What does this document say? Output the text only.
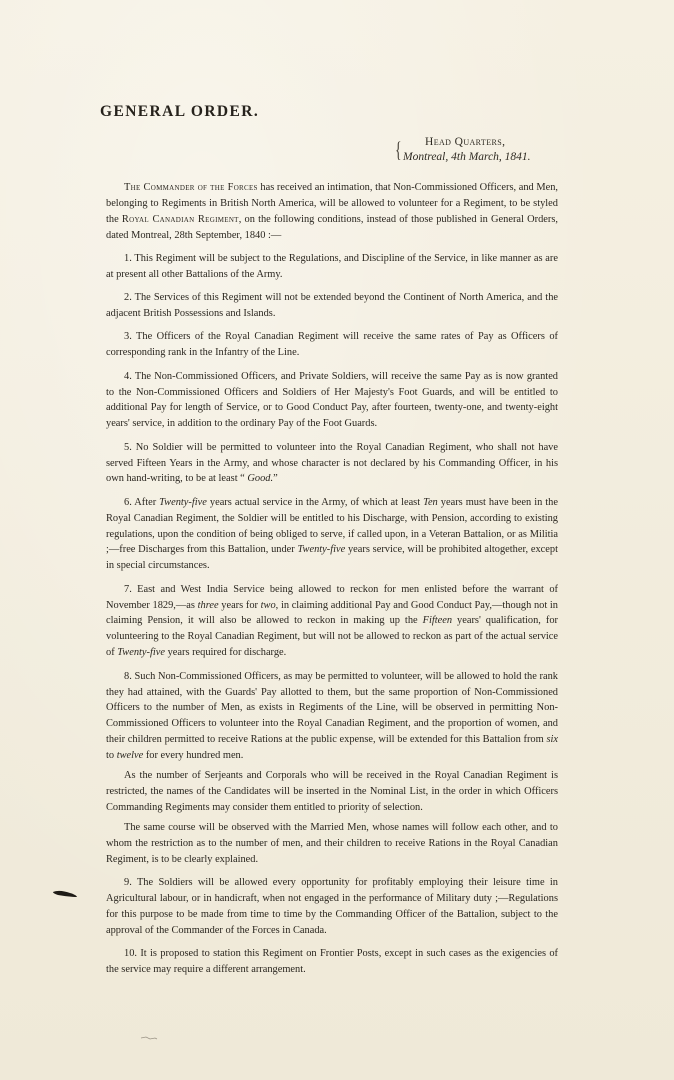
GENERAL ORDER.
{ Head Quarters,
Montreal, 4th March, 1841.

The Commander of the Forces has received an intimation, that Non-Commissioned Officers, and Men, belonging to Regiments in British North America, will be allowed to volunteer for a Regiment, to be styled the Royal Canadian Regiment, on the following conditions, instead of those published in General Orders, dated Montreal, 28th September, 1840 :—

1. This Regiment will be subject to the Regulations, and Discipline of the Service, in like manner as are at present all other Battalions of the Army.

2. The Services of this Regiment will not be extended beyond the Continent of North America, and the adjacent British Possessions and Islands.

3. The Officers of the Royal Canadian Regiment will receive the same rates of Pay as Officers of corresponding rank in the Infantry of the Line.

4. The Non-Commissioned Officers, and Private Soldiers, will receive the same Pay as is now granted to the Non-Commissioned Officers and Soldiers of Her Majesty's Foot Guards, and will be entitled to additional Pay for length of Service, or to Good Conduct Pay, after fourteen, twenty-one, and twenty-eight years' service, in addition to the ordinary Pay of the Foot Guards.

5. No Soldier will be permitted to volunteer into the Royal Canadian Regiment, who shall not have served Fifteen Years in the Army, and whose character is not declared by his Commanding Officer, in his own hand-writing, to be at least “ Good.”

6. After Twenty-five years actual service in the Army, of which at least Ten years must have been in the Royal Canadian Regiment, the Soldier will be entitled to his Discharge, with Pension, according to existing regulations, upon the condition of being obliged to serve, if called upon, in a Veteran Battalion, or as Militia ;—free Discharges from this Battalion, under Twenty-five years service, will be prohibited altogether, except in special circumstances.

7. East and West India Service being allowed to reckon for men enlisted before the warrant of November 1829,—as three years for two, in claiming additional Pay and Good Conduct Pay,—though not in claiming Pension, it will also be allowed to reckon in making up the Fifteen years' qualification, for volunteering to the Royal Canadian Regiment, but will not be allowed to reckon as part of the actual service of Twenty-five years required for discharge.

8. Such Non-Commissioned Officers, as may be permitted to volunteer, will be allowed to hold the rank they had attained, with the Guards' Pay allotted to them, but the same proportion of Non-Commissioned Officers to the number of Men, as exists in Regiments of the Line, will be observed in permitting Non-Commissioned Officers to volunteer into the Royal Canadian Regiment, and the proportion of women, and their children permitted to receive Rations at the public expense, will be extended for this Battalion from six to twelve for every hundred men.

As the number of Serjeants and Corporals who will be received in the Royal Canadian Regiment is restricted, the names of the Candidates will be inserted in the Nominal List, in the order in which Officers Commanding Regiments may consider them entitled to priority of selection.

The same course will be observed with the Married Men, whose names will follow each other, and to whom the restriction as to the number of men, and their children to receive Rations in the Royal Canadian Regiment, is to be clearly explained.

9. The Soldiers will be allowed every opportunity for profitably employing their leisure time in Agricultural labour, or in handicraft, when not engaged in the performance of Military duty ;—Regulations for this purpose to be made from time to time by the Commanding Officer of the Battalion, subject to the approval of the Commander of the Forces in Canada.

10. It is proposed to station this Regiment on Frontier Posts, except in such cases as the exigencies of the service may require a different arrangement.
